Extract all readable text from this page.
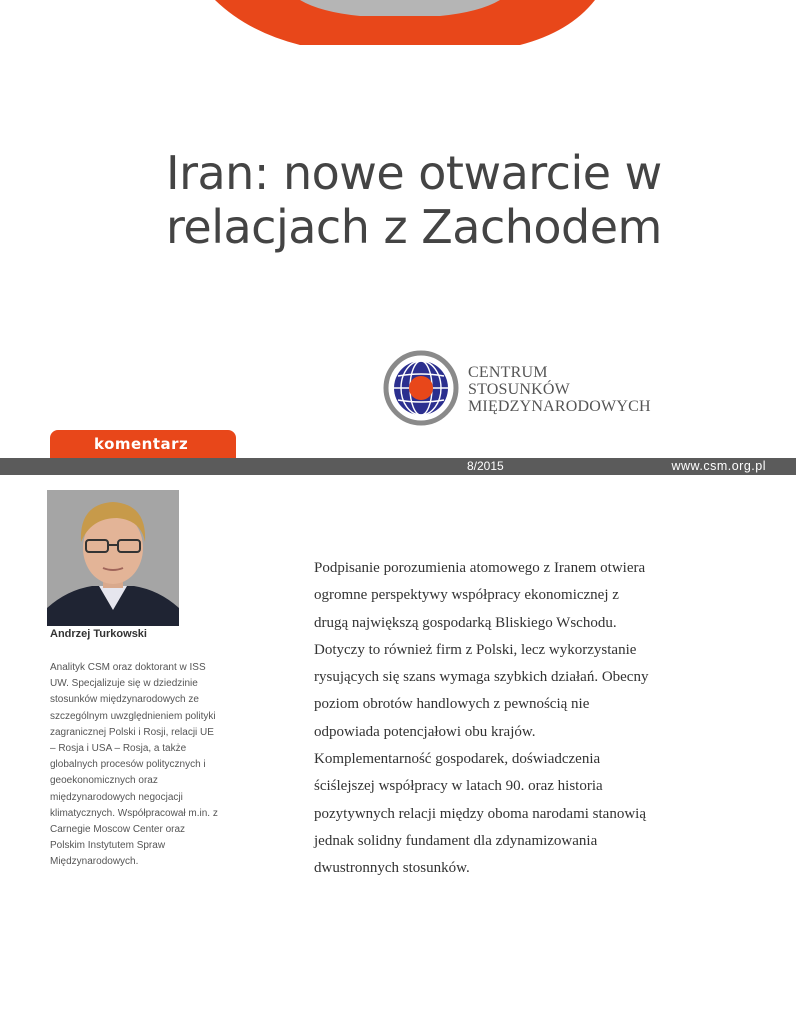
Iran: nowe otwarcie w
relacjach z Zachodem
CENTRUM
STOSUNKÓW
MIĘDZYNARODOWYCH
komentarz
8/2015	www.csm.org.pl
Andrzej Turkowski

Analityk CSM oraz doktorant w ISS UW. Specjalizuje się w dziedzinie stosunków międzynarodowych ze szczególnym uwzględnieniem polityki zagranicznej Polski i Rosji, relacji UE – Rosja i USA – Rosja, a także globalnych procesów politycznych i geoekonomicznych oraz międzynarodowych negocjacji klimatycznych. Współpracował m.in. z Carnegie Moscow Center oraz Polskim Instytutem Spraw Międzynarodowych.

Podpisanie porozumienia atomowego z Iranem otwiera ogromne perspektywy współpracy ekonomicznej z drugą największą gospodarką Bliskiego Wschodu. Dotyczy to również firm z Polski, lecz wykorzystanie rysujących się szans wymaga szybkich działań. Obecny poziom obrotów handlowych z pewnością nie odpowiada potencjałowi obu krajów. Komplementarność gospodarek, doświadczenia ściślejszej współpracy w latach 90. oraz historia pozytywnych relacji między oboma narodami stanowią jednak solidny fundament dla zdynamizowania dwustronnych stosunków.
